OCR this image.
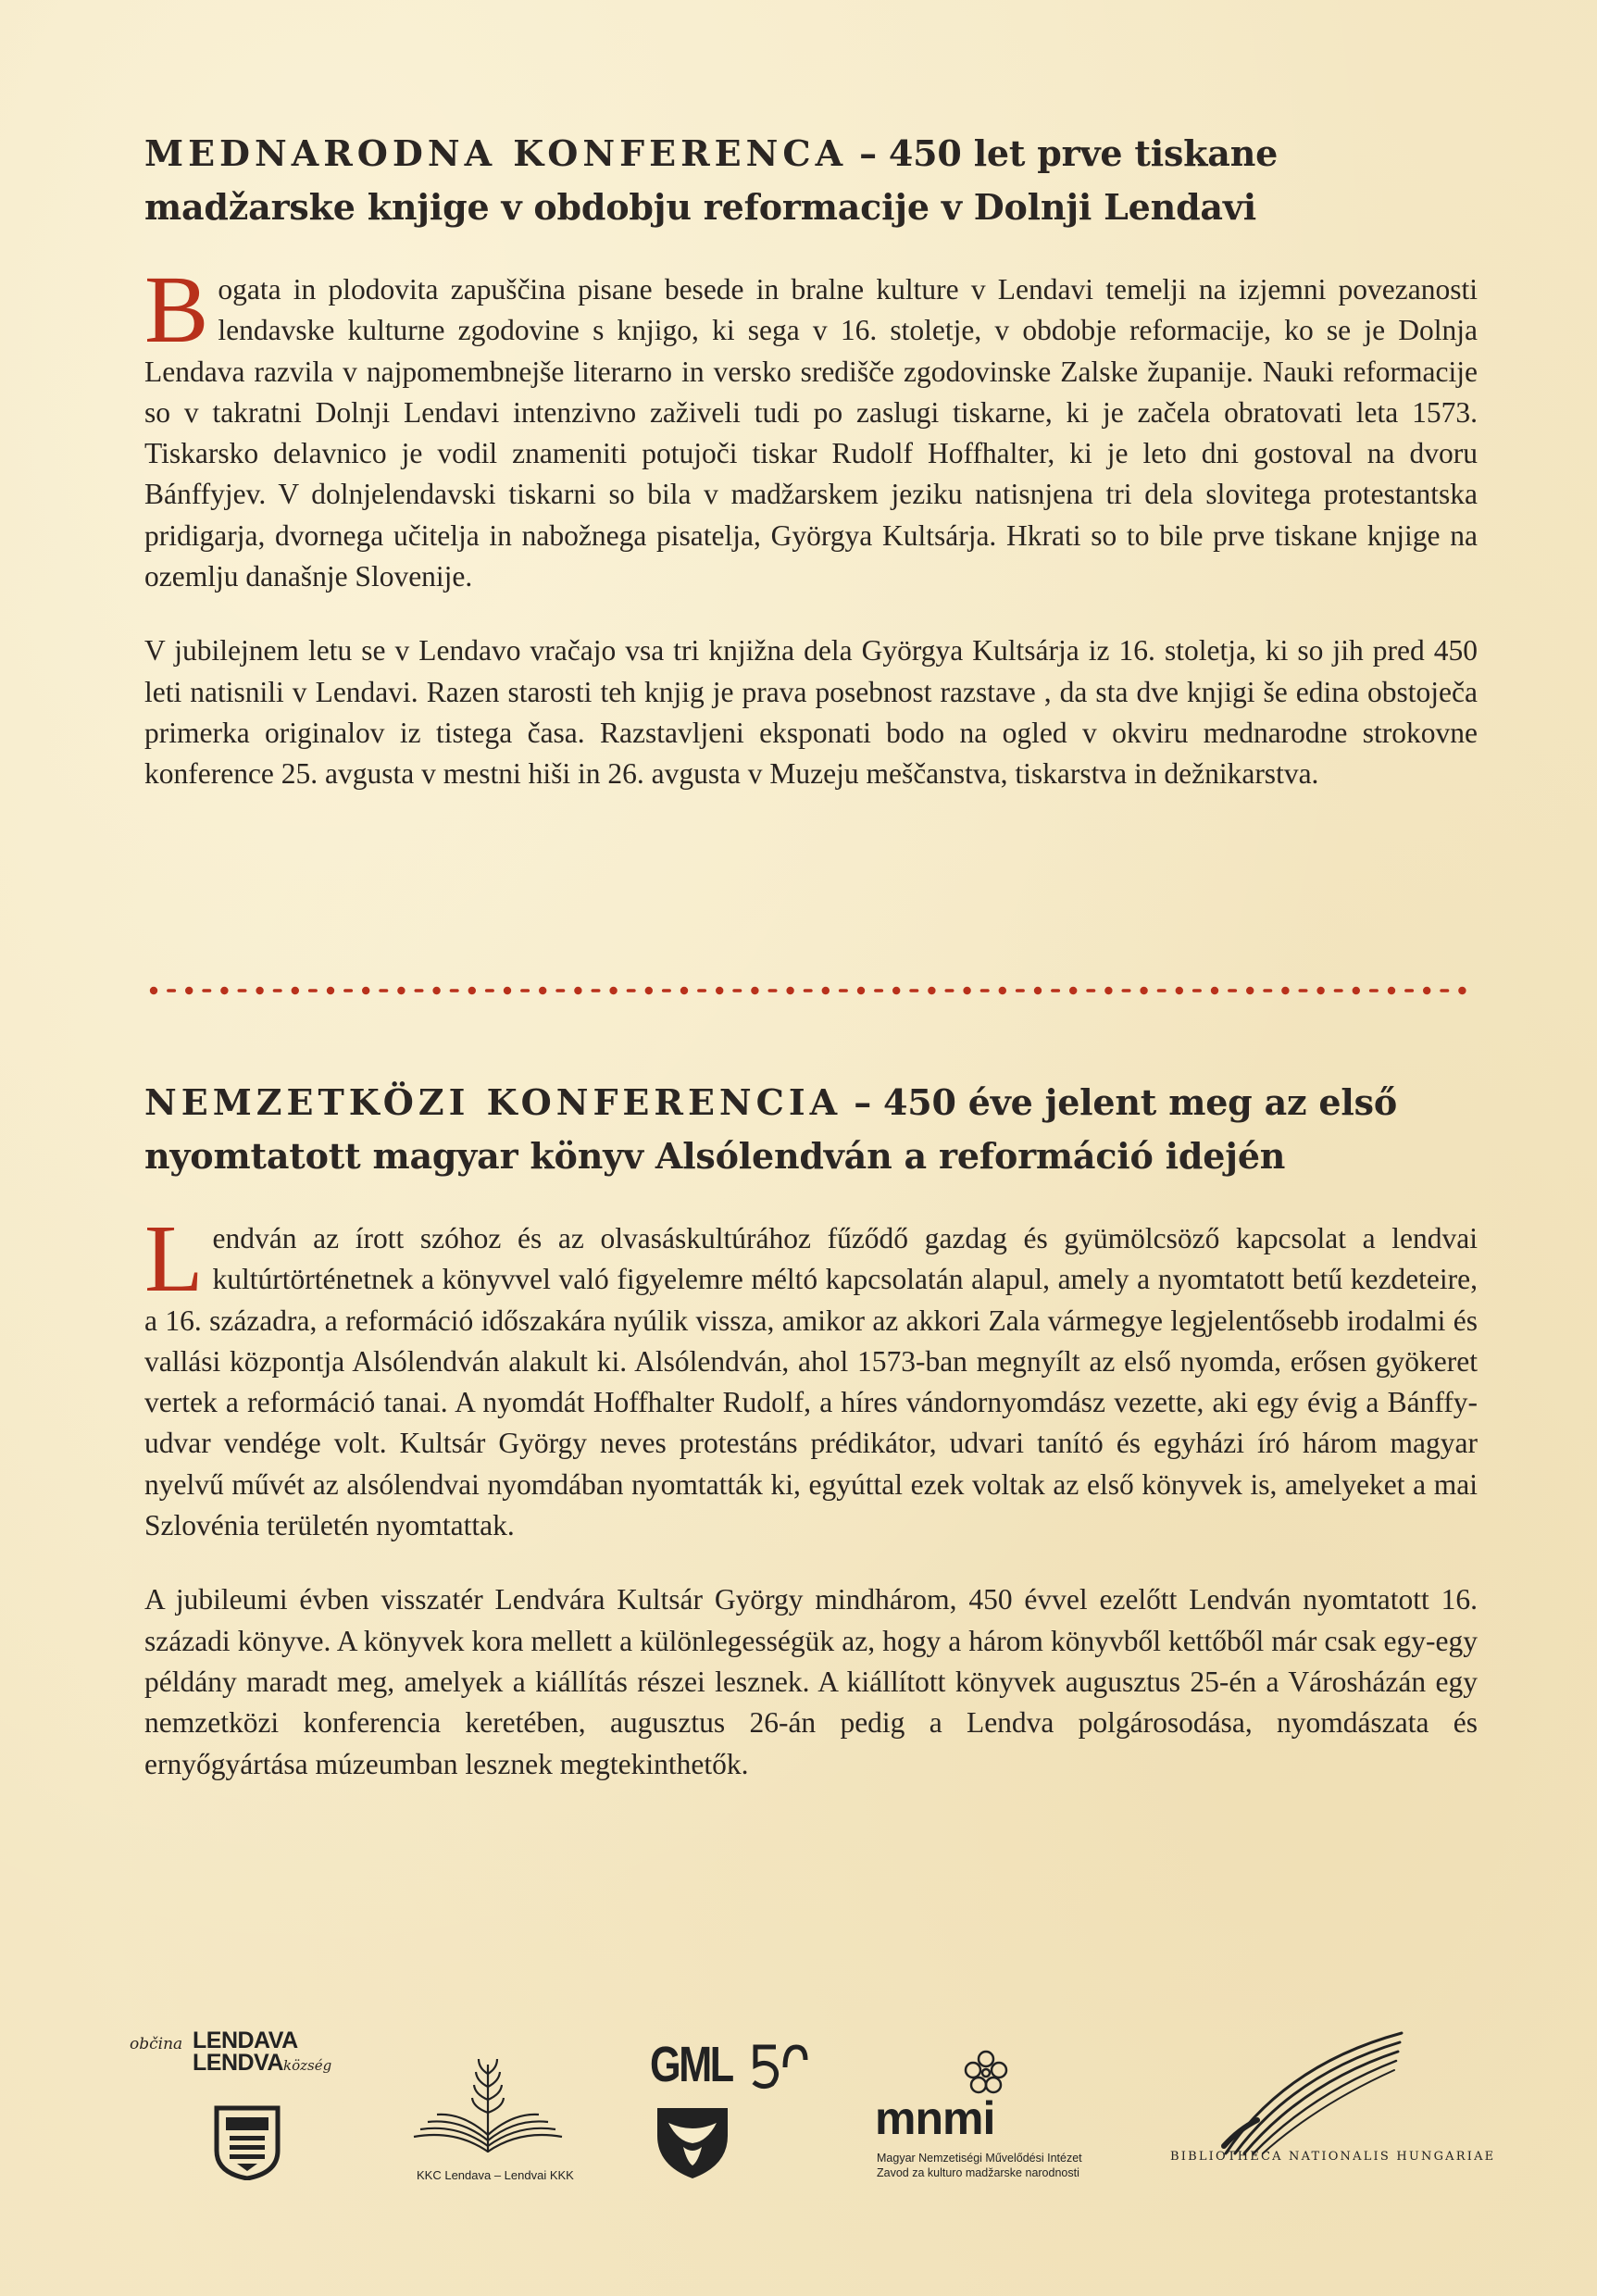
MEDNARODNA KONFERENCA – 450 let prve tiskane madžarske knjige v obdobju reformacije v Dolnji Lendavi

Bogata in plodovita zapuščina pisane besede in bralne kulture v Lendavi temelji na izjemni povezanosti lendavske kulturne zgodovine s knjigo, ki sega v 16. stoletje, v obdobje reformacije, ko se je Dolnja Lendava razvila v najpomembnejše literarno in versko središče zgodovinske Zalske županije. Nauki reformacije so v takratni Dolnji Lendavi intenzivno zaživeli tudi po zaslugi tiskarne, ki je začela obratovati leta 1573. Tiskarsko delavnico je vodil znameniti potujoči tiskar Rudolf Hoffhalter, ki je leto dni gostoval na dvoru Bánffyjev. V dolnjelendavski tiskarni so bila v madžarskem jeziku natisnjena tri dela slovitega protestantska pridigarja, dvornega učitelja in nabožnega pisatelja, Györgya Kultsárja. Hkrati so to bile prve tiskane knjige na ozemlju današnje Slovenije.

V jubilejnem letu se v Lendavo vračajo vsa tri knjižna dela Györgya Kultsárja iz 16. stoletja, ki so jih pred 450 leti natisnili v Lendavi. Razen starosti teh knjig je prava posebnost razstave , da sta dve knjigi še edina obstoječa primerka originalov iz tistega časa. Razstavljeni eksponati bodo na ogled v okviru mednarodne strokovne konference 25. avgusta v mestni hiši in 26. avgusta v Muzeju meščanstva, tiskarstva in dežnikarstva.

NEMZETKÖZI KONFERENCIA – 450 éve jelent meg az első nyomtatott magyar könyv Alsólendván a reformáció idején

Lendván az írott szóhoz és az olvasáskultúrához fűződő gazdag és gyümölcsöző kapcsolat a lendvai kultúrtörténetnek a könyvvel való figyelemre méltó kapcsolatán alapul, amely a nyomtatott betű kezdeteire, a 16. századra, a reformáció időszakára nyúlik vissza, amikor az akkori Zala vármegye legjelentősebb irodalmi és vallási központja Alsólendván alakult ki. Alsólendván, ahol 1573-ban megnyílt az első nyomda, erősen gyökeret vertek a reformáció tanai. A nyomdát Hoffhalter Rudolf, a híres vándornyomdász vezette, aki egy évig a Bánffy-udvar vendége volt. Kultsár György neves protestáns prédikátor, udvari tanító és egyházi író három magyar nyelvű művét az alsólendvai nyomdában nyomtatták ki, egyúttal ezek voltak az első könyvek is, amelyeket a mai Szlovénia területén nyomtattak.

A jubileumi évben visszatér Lendvára Kultsár György mindhárom, 450 évvel ezelőtt Lendván nyomtatott 16. századi könyve. A könyvek kora mellett a különlegességük az, hogy a három könyvből kettőből már csak egy-egy példány maradt meg, amelyek a kiállítás részei lesznek. A kiállított könyvek augusztus 25-én a Városházán egy nemzetközi konferencia keretében, augusztus 26-án pedig a Lendva polgárosodása, nyomdászata és ernyőgyártása múzeumban lesznek megtekinthetők.

občina LENDAVA
LENDVA község
KKC Lendava – Lendvai KKK
GML
mnmi
Magyar Nemzetiségi Művelődési Intézet
Zavod za kulturo madžarske narodnosti
BIBLIOTHECA NATIONALIS HUNGARIAE
